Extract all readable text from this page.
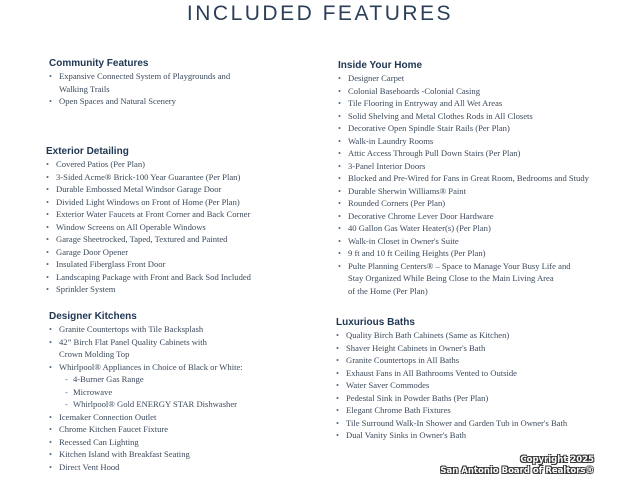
INCLUDED FEATURES
Community Features
• Expansive Connected System of Playgrounds and
Walking Trails
• Open Spaces and Natural Scenery
Exterior Detailing
• Covered Patios (Per Plan)
• 3-Sided Acme® Brick-100 Year Guarantee (Per Plan)
• Durable Embossed Metal Windsor Garage Door
• Divided Light Windows on Front of Home (Per Plan)
• Exterior Water Faucets at Front Corner and Back Corner
• Window Screens on All Operable Windows
• Garage Sheetrocked, Taped, Textured and Painted
• Garage Door Opener
• Insulated Fiberglass Front Door
• Landscaping Package with Front and Back Sod Included
• Sprinkler System
Designer Kitchens
• Granite Countertops with Tile Backsplash
• 42” Birch Flat Panel Quality Cabinets with
Crown Molding Top
• Whirlpool® Appliances in Choice of Black or White:
- 4-Burner Gas Range
- Microwave
- Whirlpool® Gold ENERGY STAR Dishwasher
• Icemaker Connection Outlet
• Chrome Kitchen Faucet Fixture
• Recessed Can Lighting
• Kitchen Island with Breakfast Seating
• Direct Vent Hood
Inside Your Home
• Designer Carpet
• Colonial Baseboards -Colonial Casing
• Tile Flooring in Entryway and All Wet Areas
• Solid Shelving and Metal Clothes Rods in All Closets
• Decorative Open Spindle Stair Rails (Per Plan)
• Walk-in Laundry Rooms
• Attic Access Through Pull Down Stairs (Per Plan)
• 3-Panel Interior Doors
• Blocked and Pre-Wired for Fans in Great Room, Bedrooms and Study
• Durable Sherwin Williams® Paint
• Rounded Corners (Per Plan)
• Decorative Chrome Lever Door Hardware
• 40 Gallon Gas Water Heater(s) (Per Plan)
• Walk-in Closet in Owner's Suite
• 9 ft and 10 ft Ceiling Heights (Per Plan)
• Pulte Planning Centers® – Space to Manage Your Busy Life and
Stay Organized While Being Close to the Main Living Area
of the Home (Per Plan)
Luxurious Baths
• Quality Birch Bath Cabinets (Same as Kitchen)
• Shaver Height Cabinets in Owner's Bath
• Granite Countertops in All Baths
• Exhaust Fans in All Bathrooms Vented to Outside
• Water Saver Commodes
• Pedestal Sink in Powder Baths (Per Plan)
• Elegant Chrome Bath Fixtures
• Tile Surround Walk-In Shower and Garden Tub in Owner's Bath
• Dual Vanity Sinks in Owner's Bath
Copyright 2025
San Antonio Board of Realtors®
